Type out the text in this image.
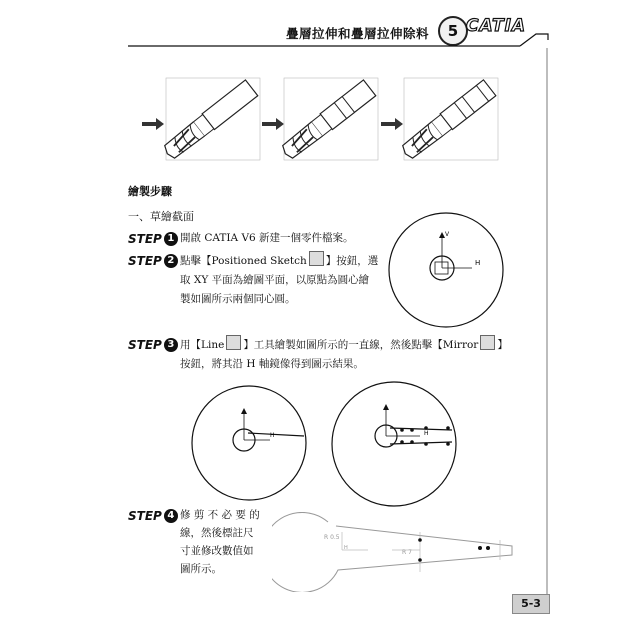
疊層拉伸和疊層拉伸除料	5 CATIA
繪製步驟
一、草繪截面
STEP 1 開啟 CATIA V6 新建一個零件檔案。
STEP 2 點擊【Positioned Sketch 】按鈕，選
取 XY 平面為繪圖平面，以原點為圓心繪
製如圖所示兩個同心圓。
H
V
STEP 3 用【Line 】工具繪製如圖所示的一直線，然後點擊【Mirror 】
按鈕，將其沿 H 軸鏡像得到圖示結果。
H	H
STEP 4 修 剪 不 必 要 的
線，然後標註尺
寸並修改數值如
圖所示。
R 0.5
H
R 7
5-3
